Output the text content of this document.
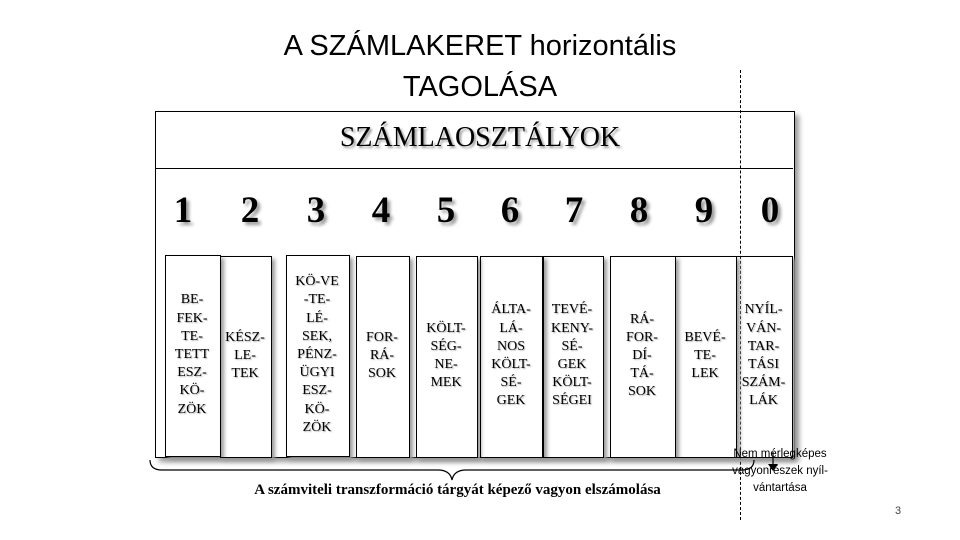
A SZÁMLAKERET horizontális
TAGOLÁSA
SZÁMLAOSZTÁLYOK
1
BE-
FEK-
TE-
TETT
ESZ-
KÖ-
ZÖK
2
KÉSZ-
LE-
TEK
3
KÖ-VE
-TE-
LÉ-
SEK,
PÉNZ-
ÜGYI
ESZ-
KÖ-
ZÖK
4
FOR-
RÁ-
SOK
5
KÖLT-
SÉG-
NE-
MEK
6
ÁLTA-
LÁ-
NOS
KÖLT-
SÉ-
GEK
7
TEVÉ-
KENY-
SÉ-
GEK
KÖLT-
SÉGEI
8
RÁ-
FOR-
DÍ-
TÁ-
SOK
9
BEVÉ-
TE-
LEK
0
NYÍL-
VÁN-
TAR-
TÁSI
SZÁM-
LÁK
A számviteli transzformáció tárgyát képező vagyon elszámolása
Nem mérlegképes
vagyonrészek nyíl-
vántartása
3
